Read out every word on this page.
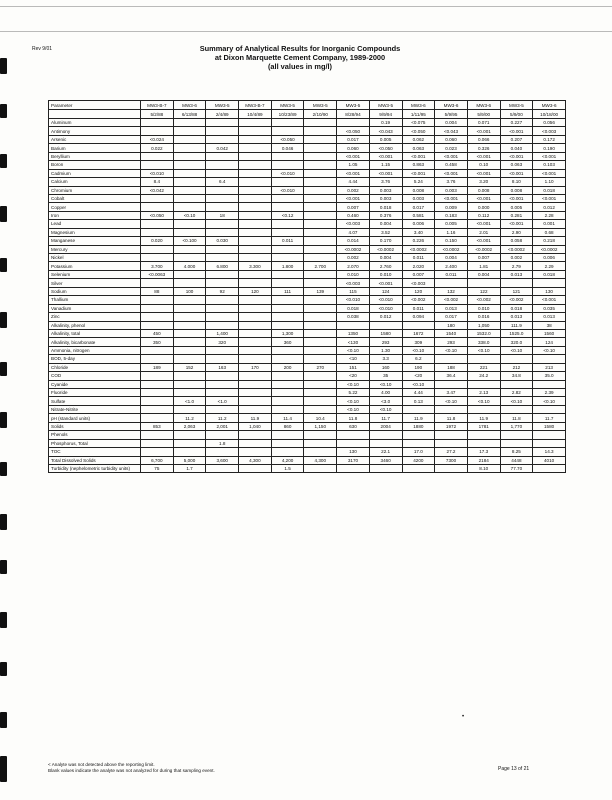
Rev 9/01	Summary of Analytical Results for Inorganic Compounds
at Dixon Marquette Cement Company, 1989-2000
(all values in mg/l)
Parameter	MW3-B-7	MW3-6	MW3-5	MW3-B-7	MW3-5	MW3-5	MW3-5	MW3-5	MW3-6	MW3-6	MW3-6	MW3-5	MW3-6
	5/2/88	6/13/88	2/4/89	10/4/89	10/23/89	2/10/90	8/28/94	9/9/94	1/11/95	5/9/95	5/9/00	5/9/00	10/18/00
Aluminum								0.19	<0.075	0.004	0.071	0.227	0.056
Antimony							<0.050	<0.043	<0.050	<0.043	<0.001	<0.001	<0.003
Arsenic	<0.024				<0.050		0.017	0.005	0.062	0.060	0.066	0.207	0.172
Barium	0.022		0.042		0.046		0.060	<0.050	0.063	0.023	0.326	0.040	0.190
Beryllium							<0.001	<0.001	<0.001	<0.001	<0.001	<0.001	<0.001
Boron							1.05	1.15	0.863	0.458	0.10	0.063	0.103
Cadmium	<0.010				<0.010		<0.001	<0.001	<0.001	<0.001	<0.001	<0.001	<0.001
Calcium	8.4		6.4				4.44	3.76	5.24	3.76	3.20	8.10	1.10
Chromium	<0.042				<0.010		0.002	0.003	0.008	0.003	0.008	0.008	0.018
Cobalt							<0.001	0.003	0.003	<0.001	<0.001	<0.001	<0.001
Copper							0.007	0.018	0.017	0.009	0.000	0.005	0.012
Iron	<0.050	<0.10	18		<0.12		0.460	0.376	0.581	0.183	0.112	0.281	2.28
Lead							<0.003	0.004	0.006	0.005	<0.001	<0.001	0.001
Magnesium							4.07	3.52	3.40	1.16	2.01	2.90	0.68
Manganese	0.020	<0.100	0.030		0.011		0.014	0.170	0.226	0.150	<0.001	0.058	0.218
Mercury							<0.0002	<0.0002	<0.0002	<0.0002	<0.0002	<0.0002	<0.0002
Nickel							0.002	0.004	0.011	0.004	0.007	0.002	0.006
Potassium	3.700	4.000	6.800	3.300	1.800	2.700	2.070	2.760	2.020	2.400	1.81	2.79	2.29
Selenium	<0.0063						0.010	0.010	0.007	0.011	0.004	0.013	0.018
Silver							<0.003	<0.001	<0.003				
Sodium	88	100	92	120	111	139	115	124	120	132	122	121	130
Thallium							<0.010	<0.010	<0.002	<0.002	<0.002	<0.002	<0.001
Vanadium							0.018	<0.010	0.011	0.013	0.010	0.018	0.035
Zinc							0.038	0.012	0.094	0.017	0.016	0.013	0.013
Alkalinity, phenol										180	1,050	111.9	38
Alkalinity, total	450		1,400		1,300		1350	1580	1672	1540	1532.0	1525.0	1560
Alkalinity, bicarbonate	350		320		360		<130	293	309	293	338.0	320.0	124
Ammonia, nitrogen							<0.10	1.30	<0.10	<0.10	<0.10	<0.10	<0.10
BOD, 5-day							<10	3.3	6.2				
Chloride	189	152	163	170	200	270	151	160	190	188	221	212	213
COD							<20	35	<20	36.4	24.2	34.8	35.0
Cyanide							<0.10	<0.10	<0.10				
Fluoride							5.22	4.00	4.44	3.47	2.13	2.82	2.39
Sulfate		<1.0	<1.0				<0.10	<3.0	0.13	<0.10	<0.10	<0.10	<0.10
Nitrate-Nitrite							<0.10	<0.10					
pH (standard units)		11.2	11.2	11.9	11.4	10.4	11.8	11.7	11.9	11.8	11.9	11.8	11.7
Solids	853	2,063	2,001	1,040	860	1,150	630	2004	1880	1972	1781	1,770	1580
Phenols													
Phosphorus, Total			1.8										
TOC							130	22.1	17.0	27.2	17.3	8.25	14.3
Total Dissolved Solids	6,700	5,000	3,600	4,300	4,200	4,300	3170	3460	4200	7300	2184	4448	4010
Turbidity (nephelometric turbidity units)	75	1.7			1.5						8.10	77.70	
< Analyte was not detected above the reporting limit.
Blank values indicate the analyte was not analyzed for during that sampling event.	Page 13 of 21
•
